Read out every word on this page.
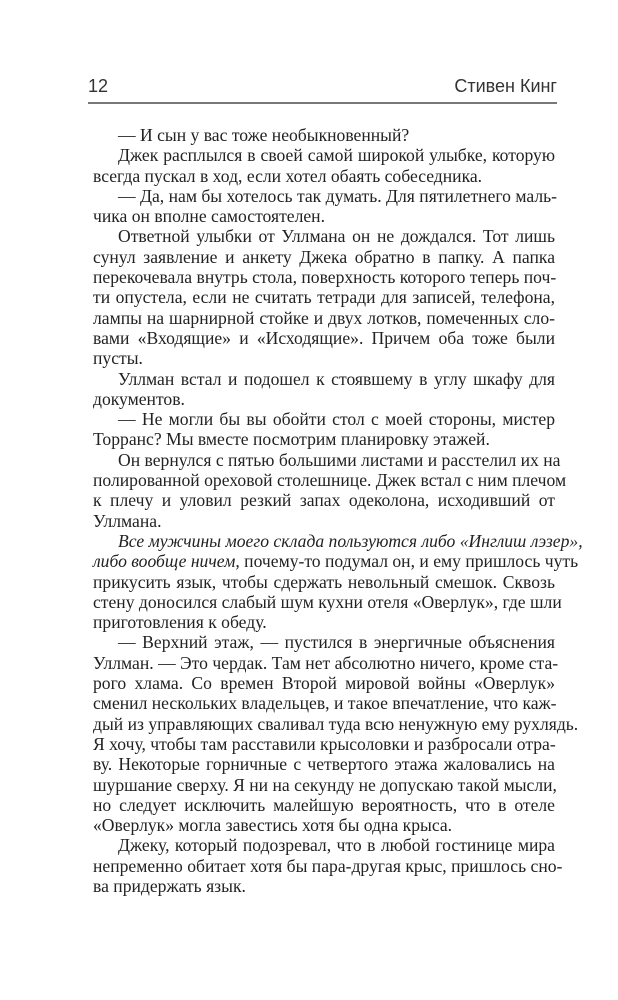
12	Стивен Кинг
— И сын у вас тоже необыкновенный?
Джек расплылся в своей самой широкой улыбке, которую
всегда пускал в ход, если хотел обаять собеседника.
— Да, нам бы хотелось так думать. Для пятилетнего маль-
чика он вполне самостоятелен.
Ответной улыбки от Уллмана он не дождался. Тот лишь
сунул заявление и анкету Джека обратно в папку. А папка
перекочевала внутрь стола, поверхность которого теперь поч-
ти опустела, если не считать тетради для записей, телефона,
лампы на шарнирной стойке и двух лотков, помеченных сло-
вами «Входящие» и «Исходящие». Причем оба тоже были
пусты.
Уллман встал и подошел к стоявшему в углу шкафу для
документов.
— Не могли бы вы обойти стол с моей стороны, мистер
Торранс? Мы вместе посмотрим планировку этажей.
Он вернулся с пятью большими листами и расстелил их на
полированной ореховой столешнице. Джек встал с ним плечом
к плечу и уловил резкий запах одеколона, исходивший от
Уллмана.
Все мужчины моего склада пользуются либо «Инглиш лэзер»,
либо вообще ничем, почему-то подумал он, и ему пришлось чуть
прикусить язык, чтобы сдержать невольный смешок. Сквозь
стену доносился слабый шум кухни отеля «Оверлук», где шли
приготовления к обеду.
— Верхний этаж, — пустился в энергичные объяснения
Уллман. — Это чердак. Там нет абсолютно ничего, кроме ста-
рого хлама. Со времен Второй мировой войны «Оверлук»
сменил нескольких владельцев, и такое впечатление, что каж-
дый из управляющих сваливал туда всю ненужную ему рухлядь.
Я хочу, чтобы там расставили крысоловки и разбросали отра-
ву. Некоторые горничные с четвертого этажа жаловались на
шуршание сверху. Я ни на секунду не допускаю такой мысли,
но следует исключить малейшую вероятность, что в отеле
«Оверлук» могла завестись хотя бы одна крыса.
Джеку, который подозревал, что в любой гостинице мира
непременно обитает хотя бы пара-другая крыс, пришлось сно-
ва придержать язык.
